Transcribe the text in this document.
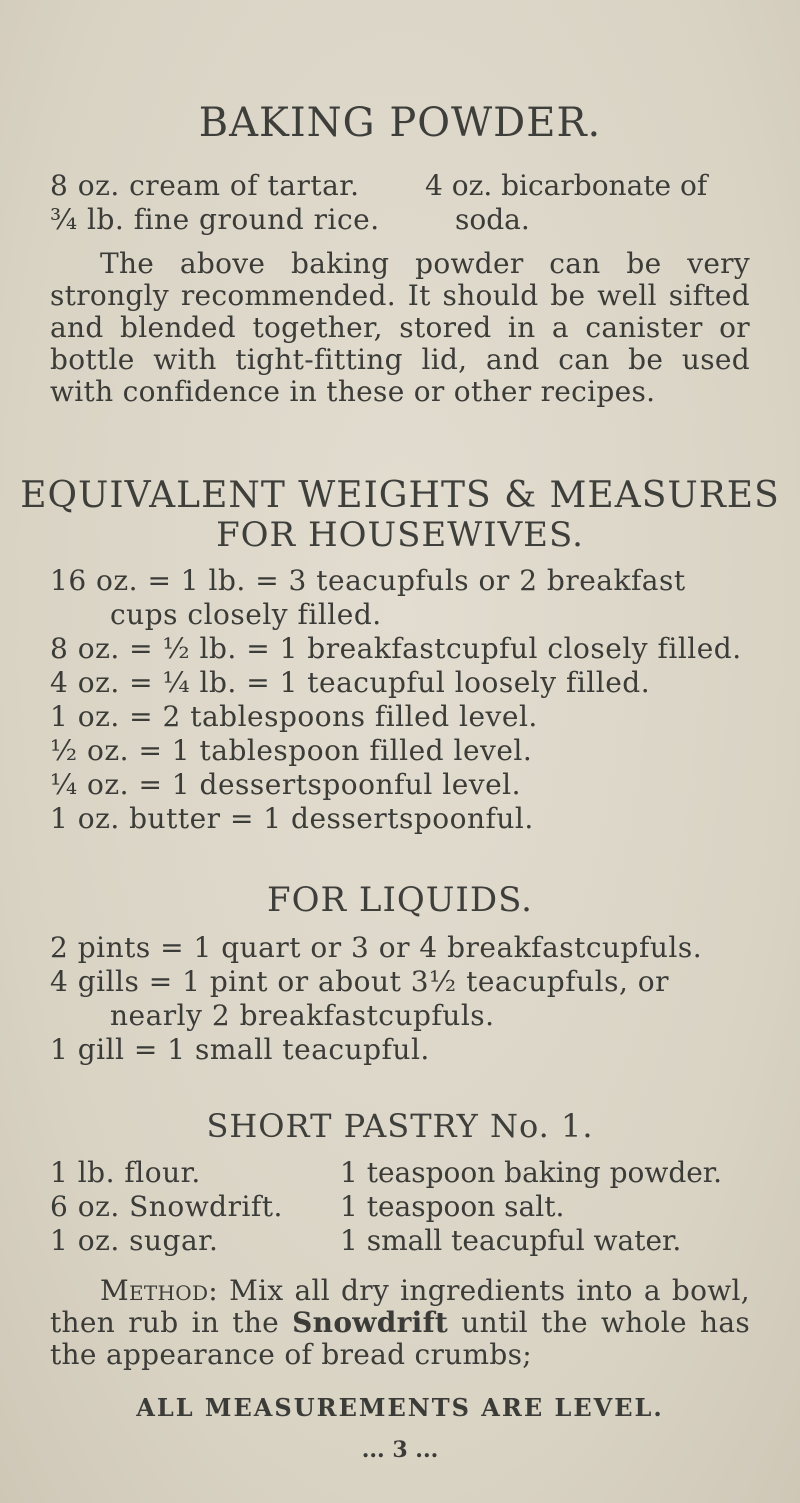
BAKING POWDER.
8 oz. cream of tartar.
¾ lb. fine ground rice.
4 oz. bicarbonate of
soda.
The above baking powder can be very strongly recommended. It should be well sifted and blended together, stored in a canister or bottle with tight-fitting lid, and can be used with confidence in these or other recipes.
EQUIVALENT WEIGHTS & MEASURES
FOR HOUSEWIVES.
16 oz. = 1 lb. = 3 teacupfuls or 2 breakfast
cups closely filled.
8 oz. = ½ lb. = 1 breakfastcupful closely filled.
4 oz. = ¼ lb. = 1 teacupful loosely filled.
1 oz. = 2 tablespoons filled level.
½ oz. = 1 tablespoon filled level.
¼ oz. = 1 dessertspoonful level.
1 oz. butter = 1 dessertspoonful.
FOR LIQUIDS.
2 pints = 1 quart or 3 or 4 breakfastcupfuls.
4 gills = 1 pint or about 3½ teacupfuls, or
nearly 2 breakfastcupfuls.
1 gill = 1 small teacupful.
SHORT PASTRY No. 1.
1 lb. flour.
6 oz. Snowdrift.
1 oz. sugar.
1 teaspoon baking powder.
1 teaspoon salt.
1 small teacupful water.
Method: Mix all dry ingredients into a bowl, then rub in the Snowdrift until the whole has the appearance of bread crumbs;
ALL MEASUREMENTS ARE LEVEL.
... 3 ...
